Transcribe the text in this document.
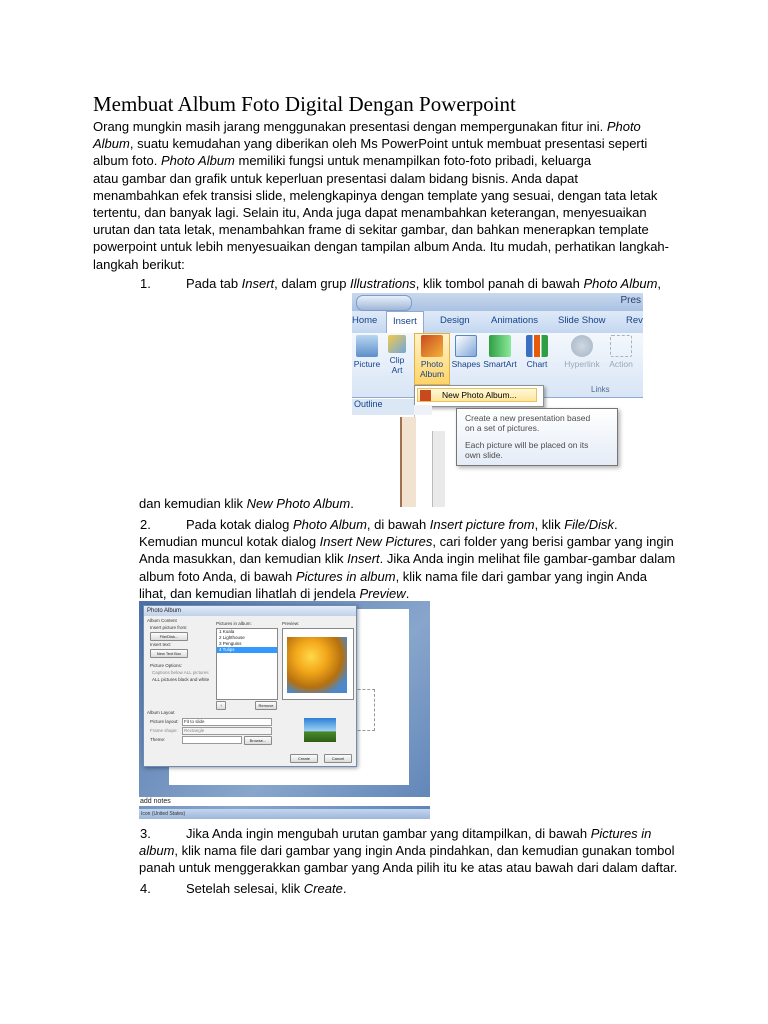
Membuat Album Foto Digital Dengan Powerpoint
Orang mungkin masih jarang menggunakan presentasi dengan mempergunakan fitur ini. Photo
Album, suatu kemudahan yang diberikan oleh Ms PowerPoint untuk membuat presentasi seperti
album foto. Photo Album memiliki fungsi untuk menampilkan foto-foto pribadi, keluarga
atau gambar dan grafik untuk keperluan presentasi dalam bidang bisnis. Anda dapat
menambahkan efek transisi slide, melengkapinya dengan template yang sesuai, dengan tata letak
tertentu, dan banyak lagi. Selain itu, Anda juga dapat menambahkan keterangan, menyesuaikan
urutan dan tata letak, menambahkan frame di sekitar gambar, dan bahkan menerapkan template
powerpoint untuk lebih menyesuaikan dengan tampilan album Anda. Itu mudah, perhatikan langkah-
langkah berikut:
1.	Pada tab Insert, dalam grup Illustrations, klik tombol panah di bawah Photo Album,
Pres
Home	Insert	Design Animations Slide Show Rev
Picture	Clip Art
Photo Album
Shapes SmartArt	Chart	Hyperlink	Action
Links
Outline
New Photo Album...
Create a new presentation based
on a set of pictures.
Each picture will be placed on its
own slide.
dan kemudian klik New Photo Album.
2.	Pada kotak dialog Photo Album, di bawah Insert picture from, klik File/Disk.
Kemudian muncul kotak dialog Insert New Pictures, cari folder yang berisi gambar yang ingin
Anda masukkan, dan kemudian klik Insert. Jika Anda ingin melihat file gambar-gambar dalam
album foto Anda, di bawah Pictures in album, klik nama file dari gambar yang ingin Anda
lihat, dan kemudian lihatlah di jendela Preview.
Photo Album
Album Content
Insert picture from:
File/Disk...
Insert text:
New Text Box
Picture Options:
Captions below ALL pictures
ALL pictures black and white
Pictures in album:
1 Koala
2 Lighthouse
3 Penguins
4 Tulips
Preview:
↑	Remove
Album Layout
Picture layout: Fit to slide
Frame shape: Rectangle
Theme:	Browse...
Create	Cancel
add notes
Icon (United States)
3.	Jika Anda ingin mengubah urutan gambar yang ditampilkan, di bawah Pictures in
album, klik nama file dari gambar yang ingin Anda pindahkan, dan kemudian gunakan tombol
panah untuk menggerakkan gambar yang Anda pilih itu ke atas atau bawah dari dalam daftar.
4.	Setelah selesai, klik Create.
